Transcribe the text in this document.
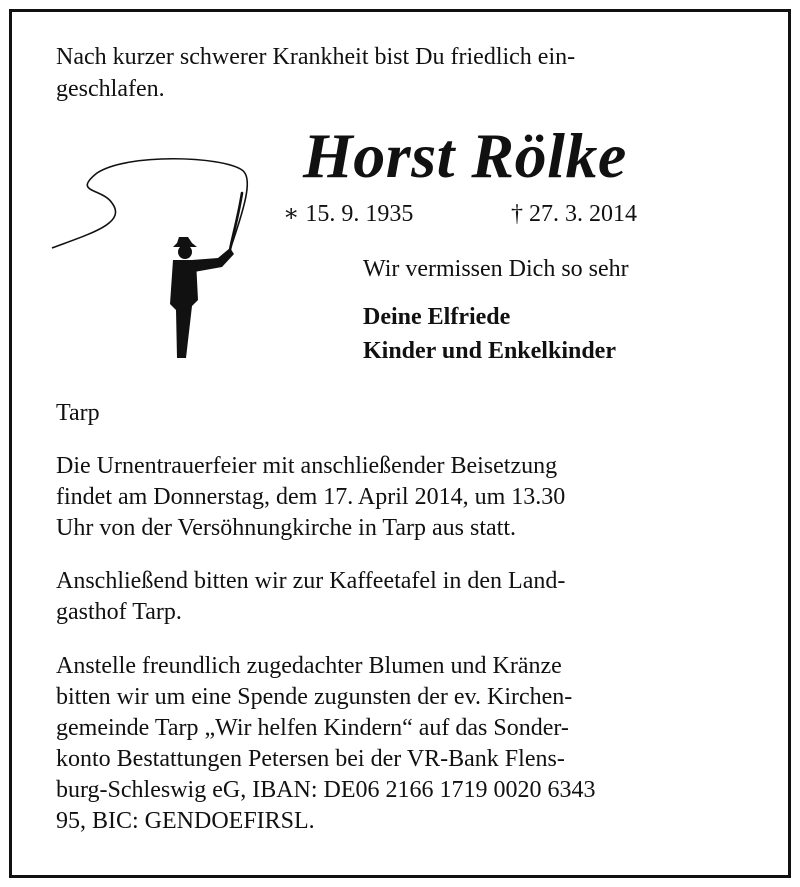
Nach kurzer schwerer Krankheit bist Du friedlich ein-

geschlafen.

Horst Rölke
∗ 15. 9. 1935	† 27. 3. 2014
Wir vermissen Dich so sehr
Deine Elfriede
Kinder und Enkelkinder

Tarp

Die Urnentrauerfeier mit anschließender Beisetzung

findet am Donnerstag, dem 17. April 2014, um 13.30

Uhr von der Versöhnungkirche in Tarp aus statt.

Anschließend bitten wir zur Kaffeetafel in den Land-

gasthof Tarp.

Anstelle freundlich zugedachter Blumen und Kränze

bitten wir um eine Spende zugunsten der ev. Kirchen-

gemeinde Tarp „Wir helfen Kindern“ auf das Sonder-

konto Bestattungen Petersen bei der VR-Bank Flens-

burg-Schleswig eG, IBAN: DE06 2166 1719 0020 6343

95, BIC: GENDOEFIRSL.
